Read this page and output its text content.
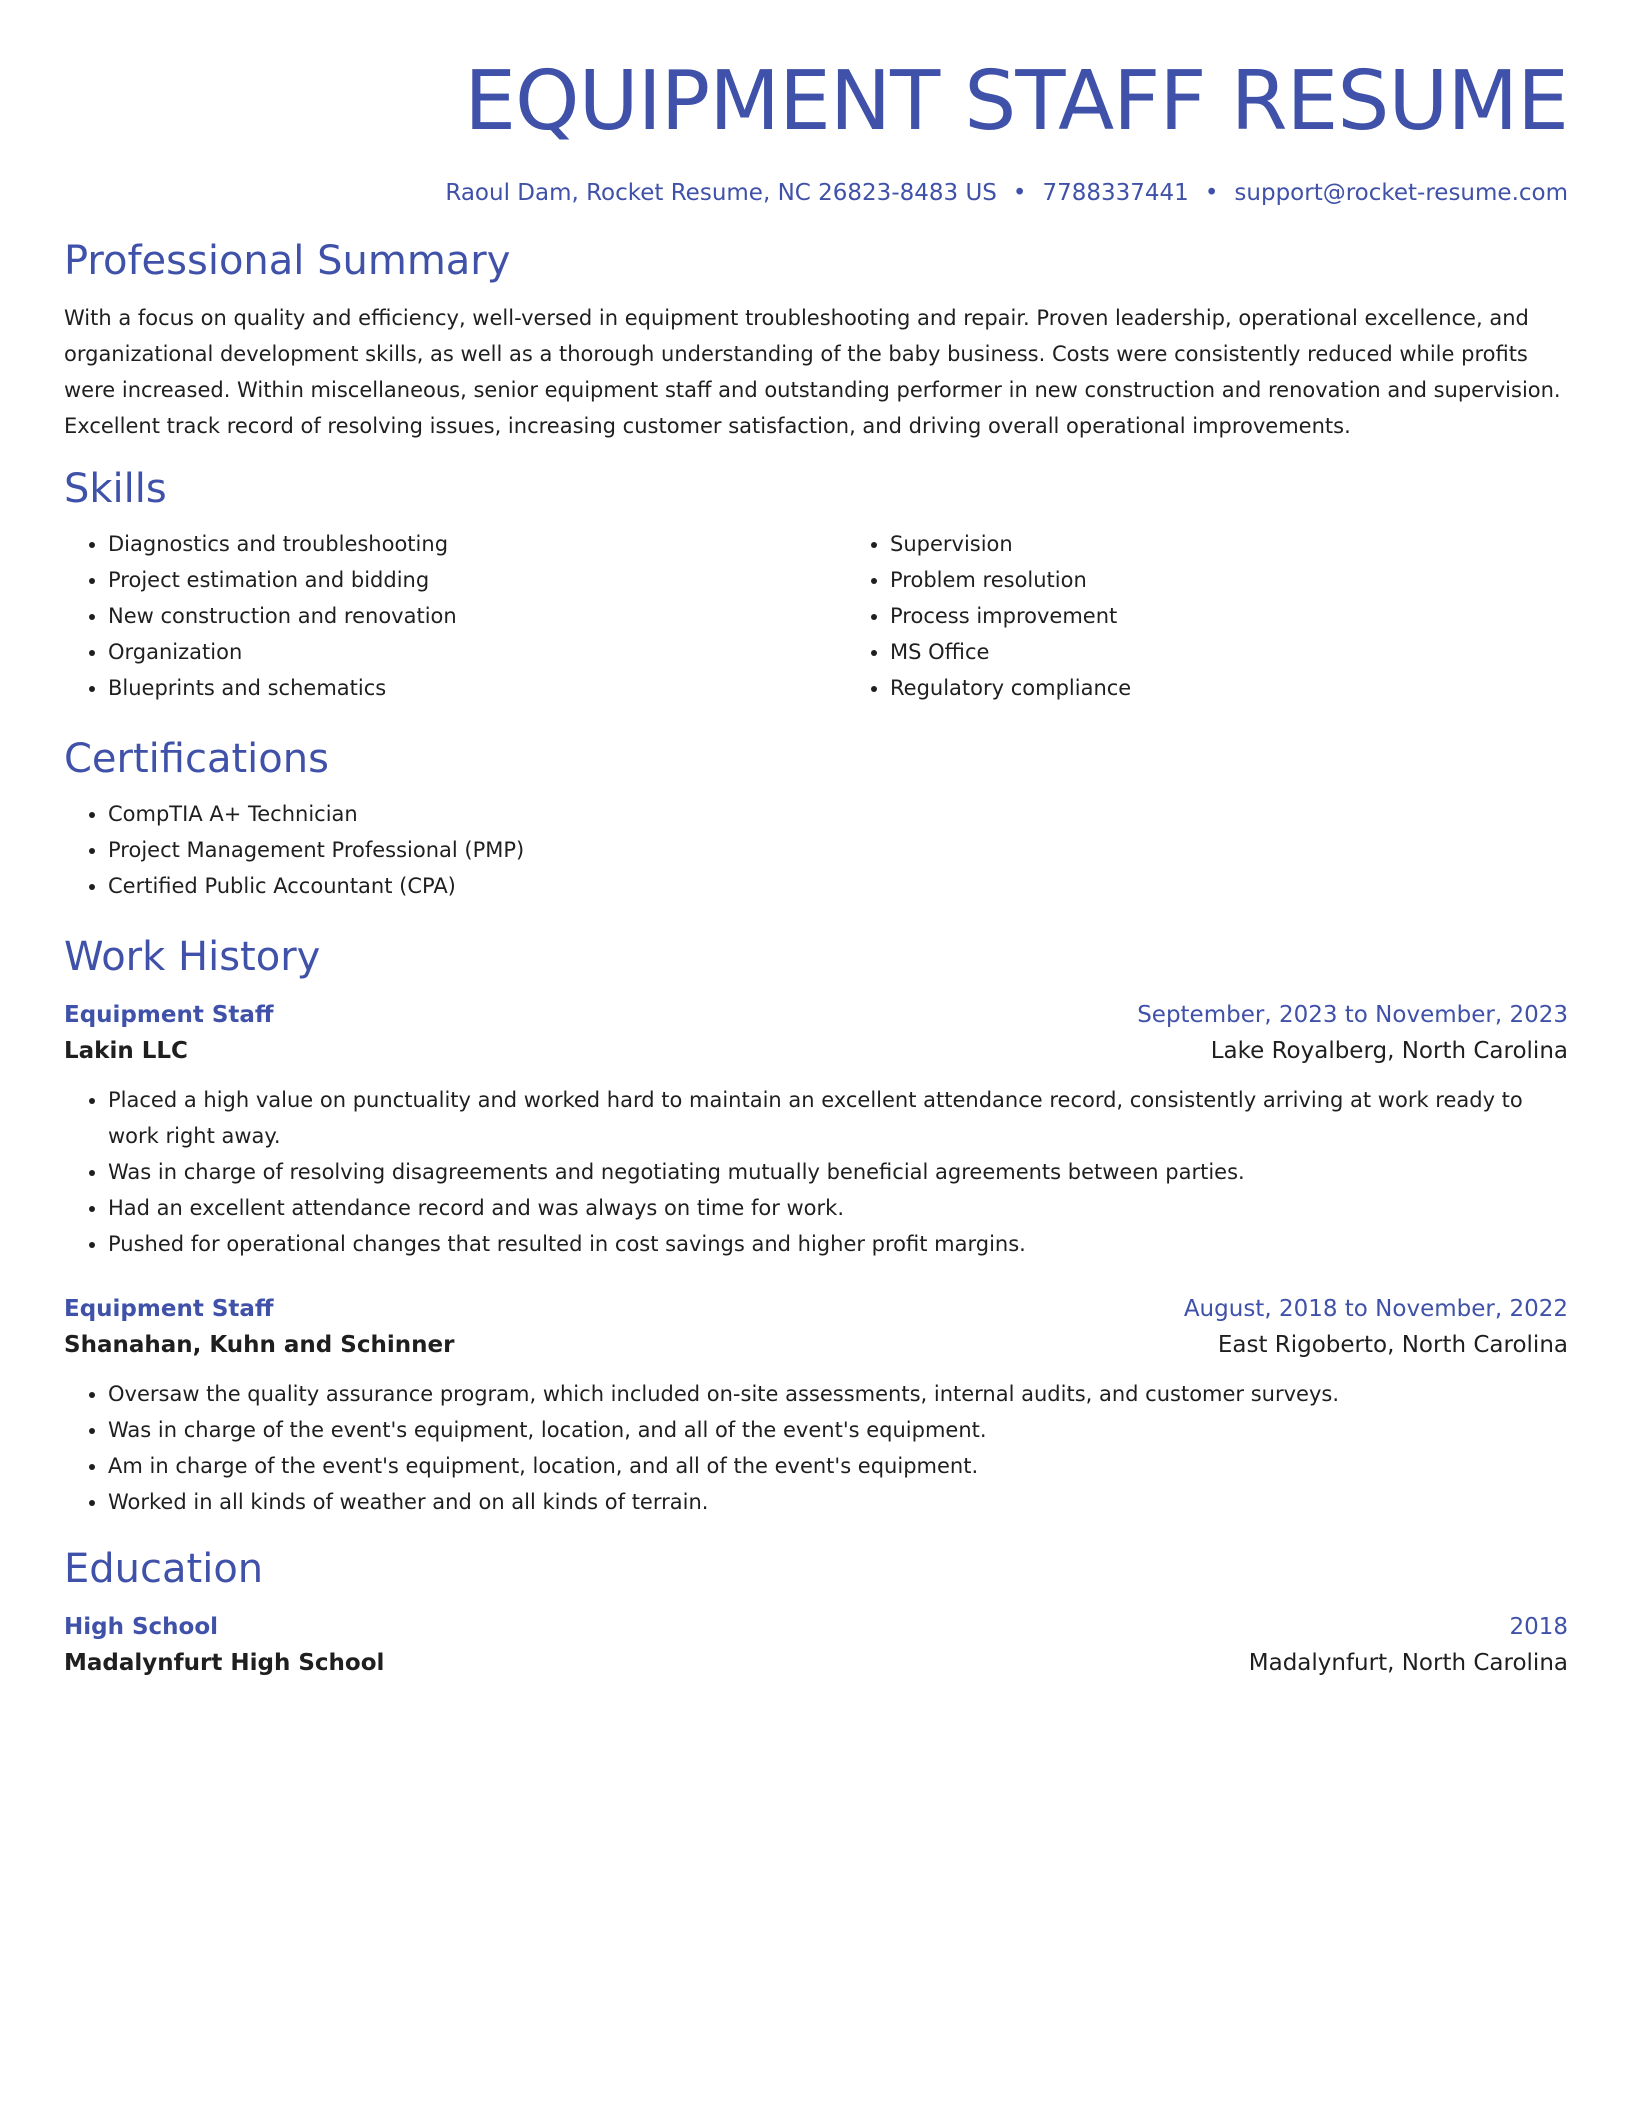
EQUIPMENT STAFF RESUME
Raoul Dam, Rocket Resume, NC 26823-8483 US • 7788337441 • support@rocket-resume.com
Professional Summary
With a focus on quality and efficiency, well-versed in equipment troubleshooting and repair. Proven leadership, operational excellence, and organizational development skills, as well as a thorough understanding of the baby business. Costs were consistently reduced while profits were increased. Within miscellaneous, senior equipment staff and outstanding performer in new construction and renovation and supervision. Excellent track record of resolving issues, increasing customer satisfaction, and driving overall operational improvements.
Skills
• Diagnostics and troubleshooting
• Project estimation and bidding
• New construction and renovation
• Organization
• Blueprints and schematics
• Supervision
• Problem resolution
• Process improvement
• MS Office
• Regulatory compliance
Certifications
• CompTIA A+ Technician
• Project Management Professional (PMP)
• Certified Public Accountant (CPA)
Work History
Equipment Staff	September, 2023 to November, 2023
Lakin LLC	Lake Royalberg, North Carolina
• Placed a high value on punctuality and worked hard to maintain an excellent attendance record, consistently arriving at work ready to work right away.
• Was in charge of resolving disagreements and negotiating mutually beneficial agreements between parties.
• Had an excellent attendance record and was always on time for work.
• Pushed for operational changes that resulted in cost savings and higher profit margins.
Equipment Staff	August, 2018 to November, 2022
Shanahan, Kuhn and Schinner	East Rigoberto, North Carolina
• Oversaw the quality assurance program, which included on-site assessments, internal audits, and customer surveys.
• Was in charge of the event's equipment, location, and all of the event's equipment.
• Am in charge of the event's equipment, location, and all of the event's equipment.
• Worked in all kinds of weather and on all kinds of terrain.
Education
High School	2018
Madalynfurt High School	Madalynfurt, North Carolina
